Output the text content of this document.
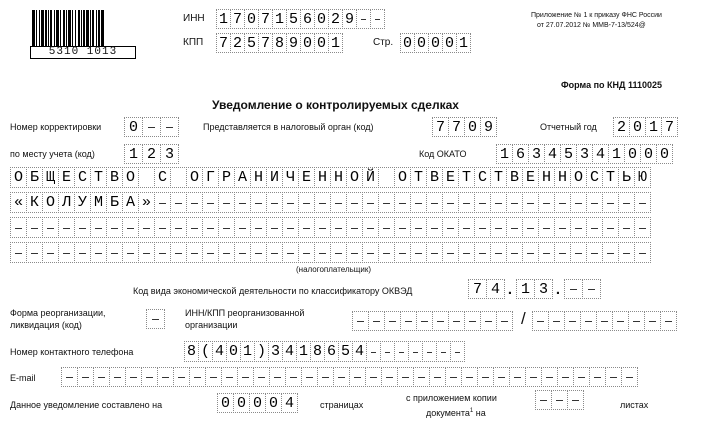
5310 1013
ИНН 1 7 0 7 1 5 6 0 2 9
КПП 7 2 5 7 8 9 0 0 1	Стр. 0 0 0 0 1
Приложение № 1 к приказу ФНС России
от 27.07.2012 № ММВ-7-13/524@
Форма по КНД 1110025
Уведомление о контролируемых сделках
Номер корректировки	0	Представляется в налоговый орган (код)	7 7 0 9	Отчетный год 2 0 1 7
по месту учета (код)	1 2 3	Код ОКАТО 1 6 3 4 5 3 4 1 0 0 0
О Б Щ Е С Т В О С О Г Р А Н И Ч Е Н Н О Й О Т В Е Т С Т В Е Н Н О С Т Ь Ю
« К О Л У М Б А »
(налогоплательщик)
Код вида экономической деятельности по классификатору ОКВЭД	7 4 . 1 3 .
Форма реорганизации,
ликвидация (код)
ИНН/КПП реорганизованной
организации	/
Номер контактного телефона	8 ( 4 0 1 ) 3 4 1 8 6 5 4
E-mail
Данное уведомление составлено на	0 0 0 0 4	страницах
с приложением копии
документа$^1$ на
листах
